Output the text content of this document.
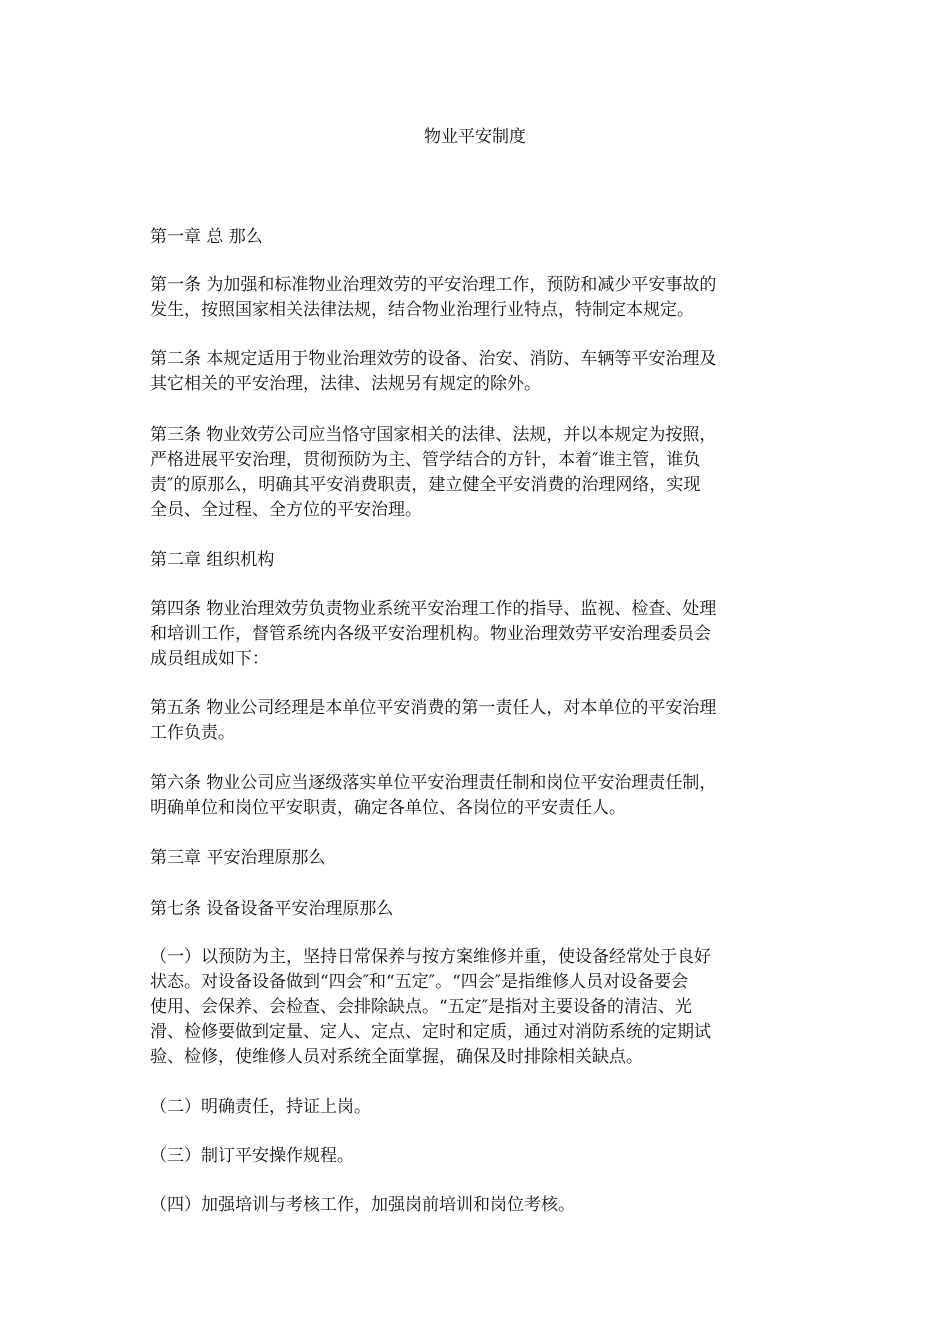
物业平安制度

第一章 总 那么

第一条 为加强和标准物业治理效劳的平安治理工作，预防和减少平安事故的
发生，按照国家相关法律法规，结合物业治理行业特点，特制定本规定。

第二条 本规定适用于物业治理效劳的设备、治安、消防、车辆等平安治理及
其它相关的平安治理，法律、法规另有规定的除外。

第三条 物业效劳公司应当恪守国家相关的法律、法规，并以本规定为按照，
严格进展平安治理，贯彻预防为主、管学结合的方针，本着″谁主管，谁负
责″的原那么，明确其平安消费职责，建立健全平安消费的治理网络，实现
全员、全过程、全方位的平安治理。

第二章 组织机构

第四条 物业治理效劳负责物业系统平安治理工作的指导、监视、检查、处理
和培训工作，督管系统内各级平安治理机构。物业治理效劳平安治理委员会
成员组成如下：

第五条 物业公司经理是本单位平安消费的第一责任人，对本单位的平安治理
工作负责。

第六条 物业公司应当逐级落实单位平安治理责任制和岗位平安治理责任制，
明确单位和岗位平安职责，确定各单位、各岗位的平安责任人。

第三章 平安治理原那么

第七条 设备设备平安治理原那么

（一）以预防为主，坚持日常保养与按方案维修并重，使设备经常处于良好
状态。对设备设备做到“四会″和“五定″。“四会″是指维修人员对设备要会
使用、会保养、会检查、会排除缺点。“五定″是指对主要设备的清洁、光
滑、检修要做到定量、定人、定点、定时和定质，通过对消防系统的定期试
验、检修，使维修人员对系统全面掌握，确保及时排除相关缺点。

（二）明确责任，持证上岗。

（三）制订平安操作规程。

（四）加强培训与考核工作，加强岗前培训和岗位考核。
